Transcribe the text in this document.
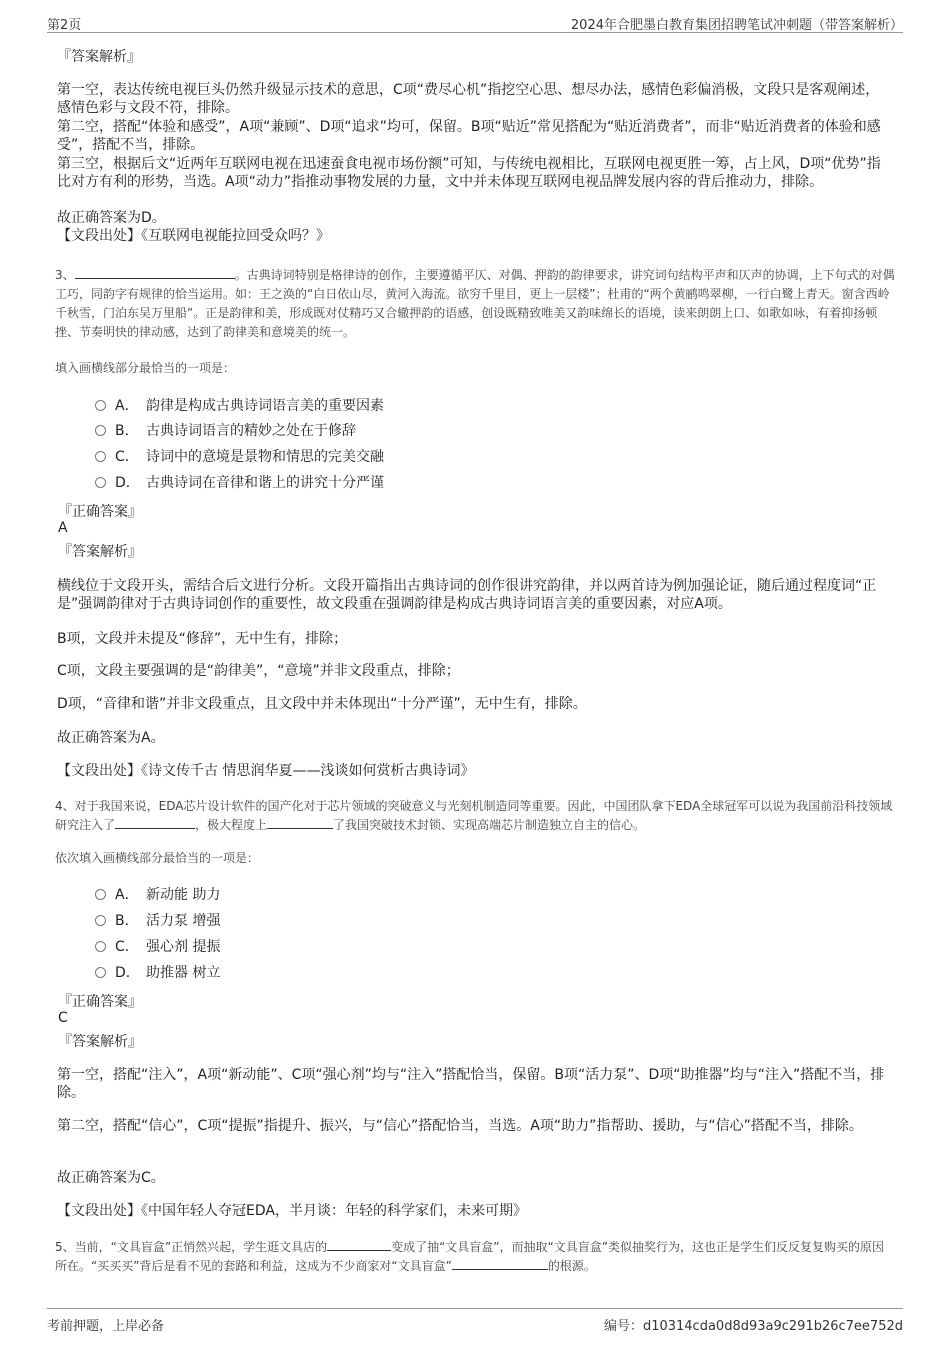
第2页	2024年合肥墨白教育集团招聘笔试冲刺题（带答案解析）
『答案解析』
第一空，表达传统电视巨头仍然升级显示技术的意思，C项“费尽心机”指挖空心思、想尽办法，感情色彩偏消极，文段只是客观阐述，感情色彩与文段不符，排除。
第二空，搭配“体验和感受”，A项“兼顾”、D项“追求”均可，保留。B项“贴近”常见搭配为“贴近消费者”，而非“贴近消费者的体验和感受”，搭配不当，排除。
第三空，根据后文“近两年互联网电视在迅速蚕食电视市场份额”可知，与传统电视相比，互联网电视更胜一筹，占上风，D项“优势”指比对方有利的形势，当选。A项“动力”指推动事物发展的力量，文中并未体现互联网电视品牌发展内容的背后推动力，排除。
故正确答案为D。
【文段出处】《互联网电视能拉回受众吗？》
3、	。古典诗词特别是格律诗的创作，主要遵循平仄、对偶、押韵的韵律要求，讲究词句结构平声和仄声的协调，上下句式的对偶工巧，同韵字有规律的恰当运用。如：王之涣的“白日依山尽，黄河入海流。欲穷千里目，更上一层楼”；杜甫的“两个黄鹂鸣翠柳，一行白鹭上青天。窗含西岭千秋雪，门泊东吴万里船”。正是韵律和美，形成既对仗精巧又合辙押韵的语感，创设既精致唯美又韵味绵长的语境，读来朗朗上口、如歌如咏，有着抑扬顿挫、节奏明快的律动感，达到了韵律美和意境美的统一。
填入画横线部分最恰当的一项是：
A． 韵律是构成古典诗词语言美的重要因素
B． 古典诗词语言的精妙之处在于修辞
C． 诗词中的意境是景物和情思的完美交融
D． 古典诗词在音律和谐上的讲究十分严谨
『正确答案』
A
『答案解析』
横线位于文段开头，需结合后文进行分析。文段开篇指出古典诗词的创作很讲究韵律，并以两首诗为例加强论证，随后通过程度词“正是”强调韵律对于古典诗词创作的重要性，故文段重在强调韵律是构成古典诗词语言美的重要因素，对应A项。
B项，文段并未提及“修辞”，无中生有，排除；
C项，文段主要强调的是“韵律美”，“意境”并非文段重点，排除；
D项，“音律和谐”并非文段重点，且文段中并未体现出“十分严谨”，无中生有，排除。
故正确答案为A。
【文段出处】《诗文传千古 情思润华夏——浅谈如何赏析古典诗词》
4、对于我国来说，EDA芯片设计软件的国产化对于芯片领域的突破意义与光刻机制造同等重要。因此，中国团队拿下EDA全球冠军可以说为我国前沿科技领域研究注入了	，极大程度上	了我国突破技术封锁、实现高端芯片制造独立自主的信心。
依次填入画横线部分最恰当的一项是：
A． 新动能 助力
B． 活力泵 增强
C． 强心剂 提振
D． 助推器 树立
『正确答案』
C
『答案解析』
第一空，搭配“注入”，A项“新动能”、C项“强心剂”均与“注入”搭配恰当，保留。B项“活力泵”、D项“助推器”均与“注入”搭配不当，排除。
第二空，搭配“信心”，C项“提振”指提升、振兴，与“信心”搭配恰当，当选。A项“助力”指帮助、援助，与“信心”搭配不当，排除。
故正确答案为C。
【文段出处】《中国年轻人夺冠EDA，半月谈：年轻的科学家们，未来可期》
5、当前，“文具盲盒”正悄然兴起，学生逛文具店的	变成了抽“文具盲盒”，而抽取“文具盲盒”类似抽奖行为，这也正是学生们反反复复购买的原因所在。“买买买”背后是看不见的套路和利益，这成为不少商家对“文具盲盒”	的根源。
考前押题，上岸必备	编号：d10314cda0d8d93a9c291b26c7ee752d
